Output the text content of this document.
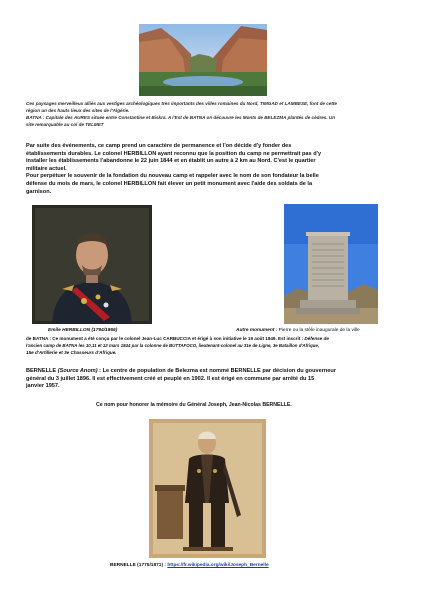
Ces paysages merveilleux alliés aux vestiges archéologiques très importants des villes romaines du Nord, TIMGAD et LAMBESE, font de cette
région un des hauts lieux des sites de l'Algérie.
BATNA : Capitale des AURES située entre Constantine et Biskra. A l'Est de BATNA on découvre les Monts de BELEZMA plantés de cèdres. Un
site remarquable au col de TELMET
Par suite des événements, ce camp prend un caractère de permanence et l'on décide d'y fonder des
établissements durables. Le colonel HERBILLON ayant reconnu que la position du camp ne permettrait pas d'y
installer les établissements l'abandonne le 22 juin 1844 et en établit un autre à 2 km au Nord. C'est le quartier
militaire actuel.
Pour perpétuer le souvenir de la fondation du nouveau camp et rappeler avec le nom de son fondateur la belle
défense du mois de mars, le colonel HERBILLON fait élever un petit monument avec l'aide des soldats de la
garnison.
Emile HERBILLON (1794/1866)	Autre monument : Pierre ou la stèle inaugurale de la ville
de BATNA : Ce monument a été conçu par le colonel Jean-Luc CARBUCCIA et érigé à son initiative le 19 août 1849. Est inscrit : Défense de
l'ancien camp de BATNA les 10,11 et 12 mars 1844 par la colonne de BUTTAFOCO, lieutenant-colonel au 31e de Ligne, 3e Bataillon d'Afrique,
15e d'Artillerie et 3e Chasseurs d'Afrique.
BERNELLE (Source Anom) : Le centre de population de Belezma est nommé BERNELLE par décision du gouverneur
général du 3 juillet 1896. Il est effectivement créé et peuplé en 1902. Il est érigé en commune par arrêté du 15
janvier 1957.
Ce nom pour honorer la mémoire du Général Joseph, Jean-Nicolas BERNELLE.
BERNELLE (1775/1871) : https://fr.wikipedia.org/wiki/Joseph_Bernelle
